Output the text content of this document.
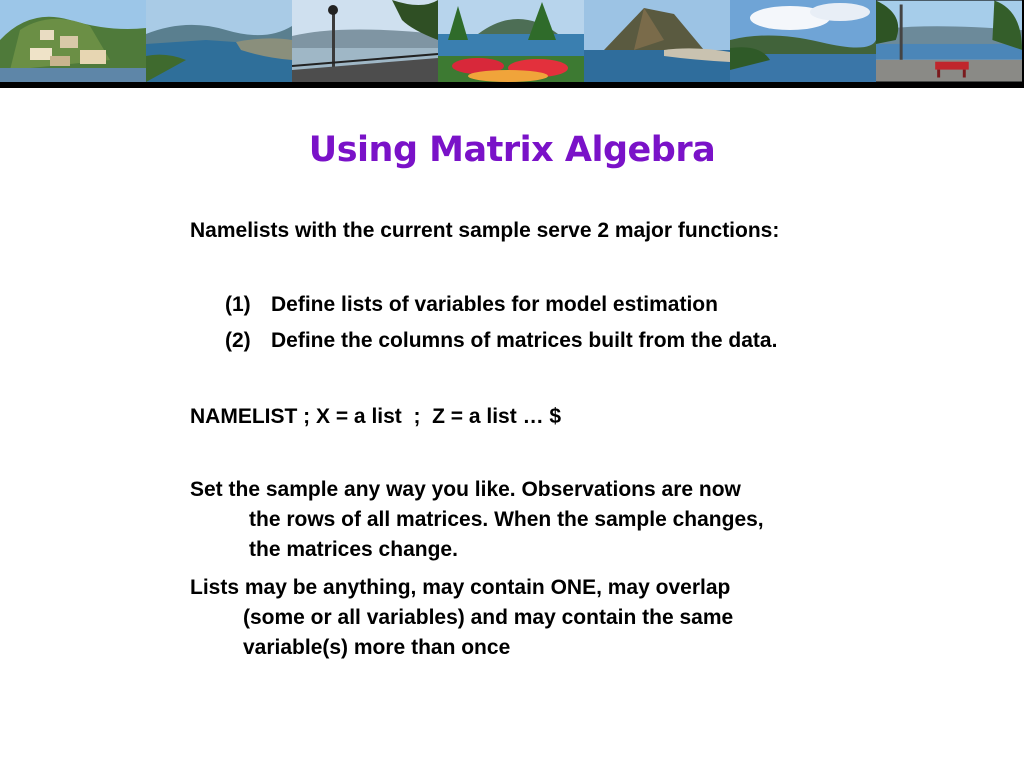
Using Matrix Algebra
Namelists with the current sample serve 2 major functions:
(1) Define lists of variables for model estimation
(2) Define the columns of matrices built from the data.
NAMELIST ; X = a list  ;  Z = a list … $
Set the sample any way you like. Observations are now
the rows of all matrices. When the sample changes,
the matrices change.
Lists may be anything, may contain ONE, may overlap
(some or all variables) and may contain the same
variable(s) more than once
